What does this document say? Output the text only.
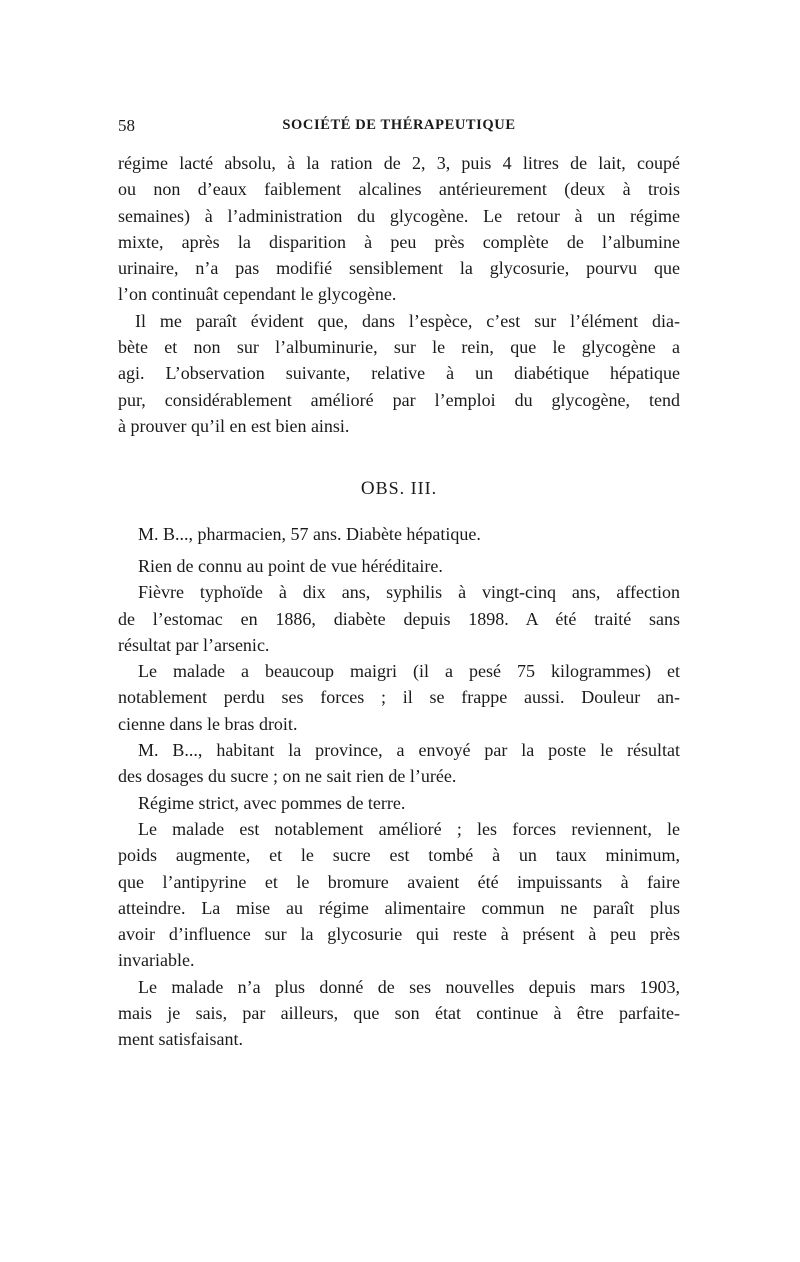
58	SOCIÉTÉ DE THÉRAPEUTIQUE
régime lacté absolu, à la ration de 2, 3, puis 4 litres de lait, coupé
ou non d’eaux faiblement alcalines antérieurement (deux à trois
semaines) à l’administration du glycogène. Le retour à un régime
mixte, après la disparition à peu près complète de l’albumine
urinaire, n’a pas modifié sensiblement la glycosurie, pourvu que
l’on continuât cependant le glycogène.
Il me paraît évident que, dans l’espèce, c’est sur l’élément dia-
bète et non sur l’albuminurie, sur le rein, que le glycogène a
agi. L’observation suivante, relative à un diabétique hépatique
pur, considérablement amélioré par l’emploi du glycogène, tend
à prouver qu’il en est bien ainsi.
OBS. III.
M. B..., pharmacien, 57 ans. Diabète hépatique.
Rien de connu au point de vue héréditaire.
Fièvre typhoïde à dix ans, syphilis à vingt-cinq ans, affection
de l’estomac en 1886, diabète depuis 1898. A été traité sans
résultat par l’arsenic.
Le malade a beaucoup maigri (il a pesé 75 kilogrammes) et
notablement perdu ses forces ; il se frappe aussi. Douleur an-
cienne dans le bras droit.
M. B..., habitant la province, a envoyé par la poste le résultat
des dosages du sucre ; on ne sait rien de l’urée.
Régime strict, avec pommes de terre.
Le malade est notablement amélioré ; les forces reviennent, le
poids augmente, et le sucre est tombé à un taux minimum,
que l’antipyrine et le bromure avaient été impuissants à faire
atteindre. La mise au régime alimentaire commun ne paraît plus
avoir d’influence sur la glycosurie qui reste à présent à peu près
invariable.
Le malade n’a plus donné de ses nouvelles depuis mars 1903,
mais je sais, par ailleurs, que son état continue à être parfaite-
ment satisfaisant.
